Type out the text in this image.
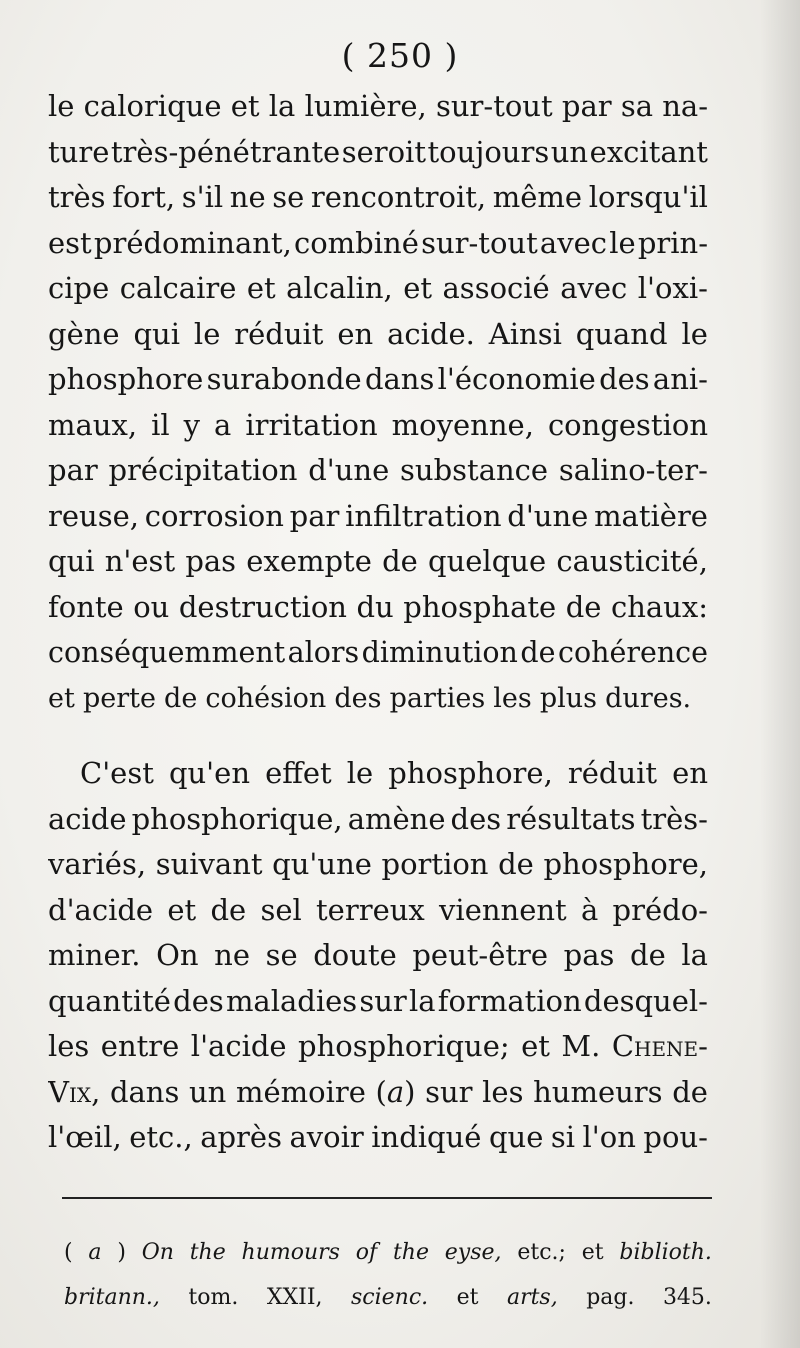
( 250 )
le calorique et la lumière, sur-tout par sa na-
ture très-pénétrante seroit toujours un excitant
très fort, s'il ne se rencontroit, même lorsqu'il
est prédominant, combiné sur-tout avec le prin-
cipe calcaire et alcalin, et associé avec l'oxi-
gène qui le réduit en acide. Ainsi quand le
phosphore surabonde dans l'économie des ani-
maux, il y a irritation moyenne, congestion
par précipitation d'une substance salino-ter-
reuse, corrosion par infiltration d'une matière
qui n'est pas exempte de quelque causticité,
fonte ou destruction du phosphate de chaux:
conséquemment alors diminution de cohérence
et perte de cohésion des parties les plus dures.
C'est qu'en effet le phosphore, réduit en
acide phosphorique, amène des résultats très-
variés, suivant qu'une portion de phosphore,
d'acide et de sel terreux viennent à prédo-
miner. On ne se doute peut-être pas de la
quantité des maladies sur la formation desquel-
les entre l'acide phosphorique; et M. Chene-
Vix, dans un mémoire (a) sur les humeurs de
l'œil, etc., après avoir indiqué que si l'on pou-
( a ) On the humours of the eyse, etc.; et biblioth.
britann., tom. XXII, scienc. et arts, pag. 345.
